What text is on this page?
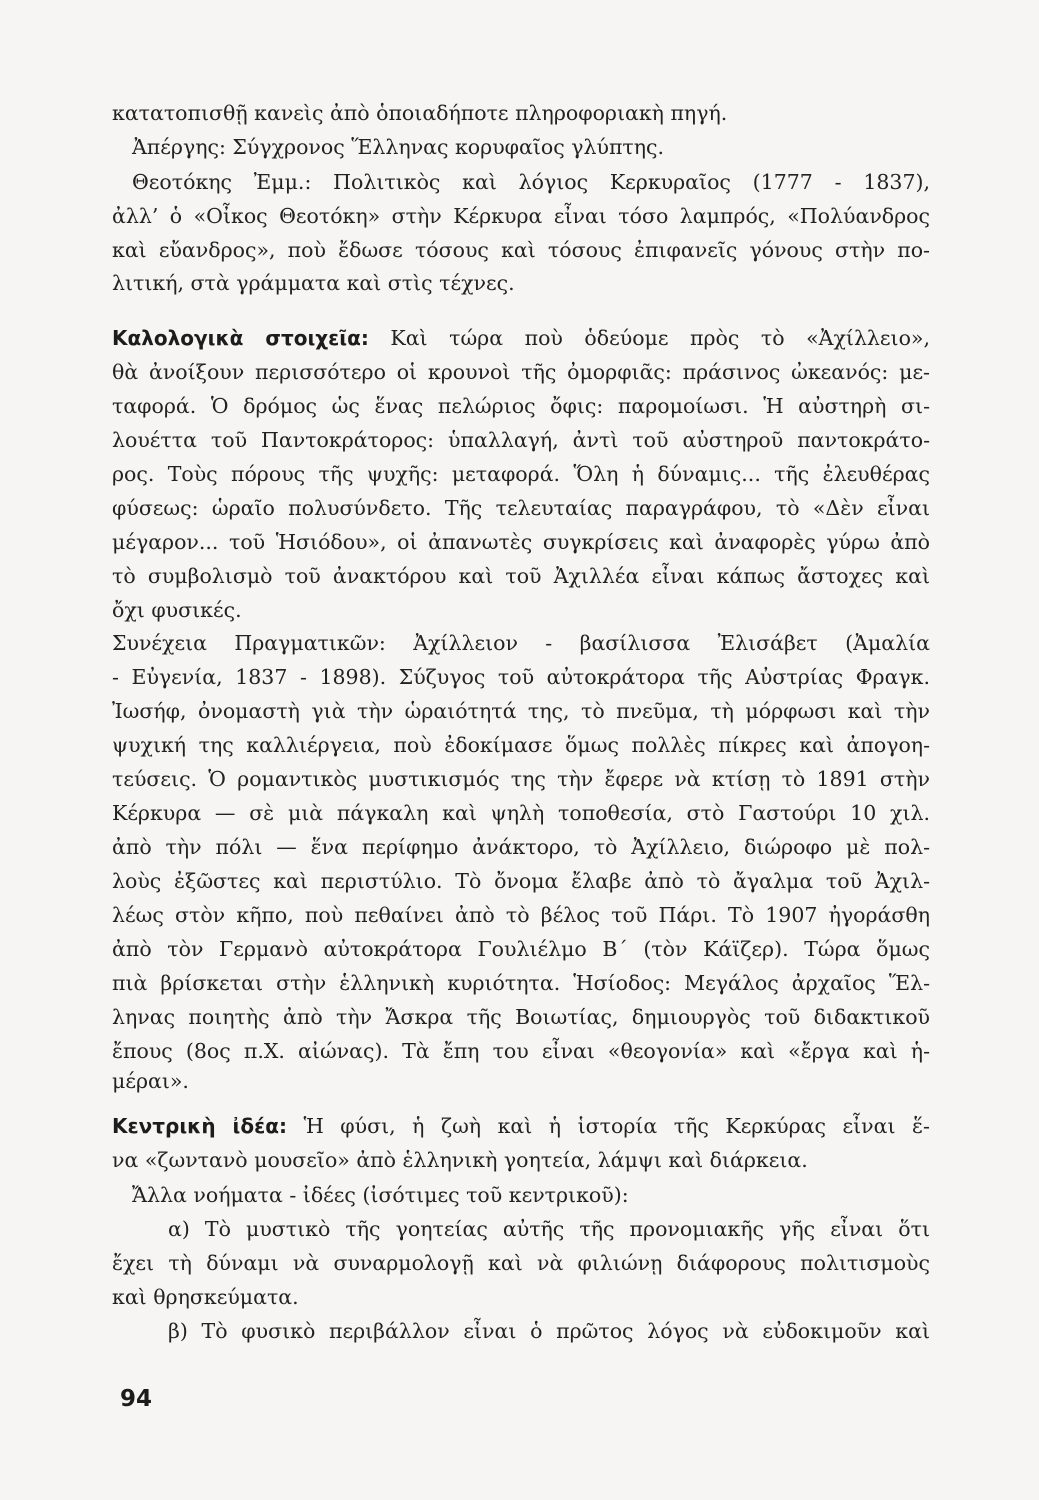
κατατοπισθῇ κανεὶς ἀπὸ ὁποιαδήποτε πληροφοριακὴ πηγή.
Ἀπέργης: Σύγχρονος Ἕλληνας κορυφαῖος γλύπτης.
Θεοτόκης Ἐμμ.: Πολιτικὸς καὶ λόγιος Κερκυραῖος (1777 - 1837),
ἀλλ’ ὁ «Οἶκος Θεοτόκη» στὴν Κέρκυρα εἶναι τόσο λαμπρός, «Πολύανδρος
καὶ εὔανδρος», ποὺ ἔδωσε τόσους καὶ τόσους ἐπιφανεῖς γόνους στὴν πο-
λιτική, στὰ γράμματα καὶ στὶς τέχνες.
Καλολογικὰ στοιχεῖα: Καὶ τώρα ποὺ ὁδεύομε πρὸς τὸ «Ἀχίλλειο»,
θὰ ἀνοίξουν περισσότερο οἱ κρουνοὶ τῆς ὀμορφιᾶς: πράσινος ὠκεανός: με-
ταφορά. Ὁ δρόμος ὡς ἕνας πελώριος ὄφις: παρομοίωσι. Ἡ αὐστηρὴ σι-
λουέττα τοῦ Παντοκράτορος: ὑπαλλαγή, ἀντὶ τοῦ αὐστηροῦ παντοκράτο-
ρος. Τοὺς πόρους τῆς ψυχῆς: μεταφορά. Ὅλη ἡ δύναμις... τῆς ἐλευθέρας
φύσεως: ὡραῖο πολυσύνδετο. Τῆς τελευταίας παραγράφου, τὸ «Δὲν εἶναι
μέγαρον... τοῦ Ἡσιόδου», οἱ ἀπανωτὲς συγκρίσεις καὶ ἀναφορὲς γύρω ἀπὸ
τὸ συμβολισμὸ τοῦ ἀνακτόρου καὶ τοῦ Ἀχιλλέα εἶναι κάπως ἄστοχες καὶ
ὄχι φυσικές.
Συνέχεια Πραγματικῶν: Ἀχίλλειον - βασίλισσα Ἐλισάβετ (Ἀμαλία
- Εὐγενία, 1837 - 1898). Σύζυγος τοῦ αὐτοκράτορα τῆς Αὐστρίας Φραγκ.
Ἰωσήφ, ὀνομαστὴ γιὰ τὴν ὡραιότητά της, τὸ πνεῦμα, τὴ μόρφωσι καὶ τὴν
ψυχική της καλλιέργεια, ποὺ ἐδοκίμασε ὅμως πολλὲς πίκρες καὶ ἀπογοη-
τεύσεις. Ὁ ρομαντικὸς μυστικισμός της τὴν ἔφερε νὰ κτίσῃ τὸ 1891 στὴν
Κέρκυρα — σὲ μιὰ πάγκαλη καὶ ψηλὴ τοποθεσία, στὸ Γαστούρι 10 χιλ.
ἀπὸ τὴν πόλι — ἕνα περίφημο ἀνάκτορο, τὸ Ἀχίλλειο, διώροφο μὲ πολ-
λοὺς ἐξῶστες καὶ περιστύλιο. Τὸ ὄνομα ἔλαβε ἀπὸ τὸ ἄγαλμα τοῦ Ἀχιλ-
λέως στὸν κῆπο, ποὺ πεθαίνει ἀπὸ τὸ βέλος τοῦ Πάρι. Τὸ 1907 ἠγοράσθη
ἀπὸ τὸν Γερμανὸ αὐτοκράτορα Γουλιέλμο Β΄ (τὸν Κάϊζερ). Τώρα ὅμως
πιὰ βρίσκεται στὴν ἑλληνικὴ κυριότητα. Ἡσίοδος: Μεγάλος ἀρχαῖος Ἕλ-
ληνας ποιητὴς ἀπὸ τὴν Ἄσκρα τῆς Βοιωτίας, δημιουργὸς τοῦ διδακτικοῦ
ἔπους (8ος π.Χ. αἰώνας). Τὰ ἔπη του εἶναι «θεογονία» καὶ «ἔργα καὶ ἡ-
μέραι».
Κεντρικὴ ἰδέα: Ἡ φύσι, ἡ ζωὴ καὶ ἡ ἱστορία τῆς Κερκύρας εἶναι ἕ-
να «ζωντανὸ μουσεῖο» ἀπὸ ἑλληνικὴ γοητεία, λάμψι καὶ διάρκεια.
Ἄλλα νοήματα - ἰδέες (ἰσότιμες τοῦ κεντρικοῦ):
α) Τὸ μυστικὸ τῆς γοητείας αὐτῆς τῆς προνομιακῆς γῆς εἶναι ὅτι
ἔχει τὴ δύναμι νὰ συναρμολογῇ καὶ νὰ φιλιώνῃ διάφορους πολιτισμοὺς
καὶ θρησκεύματα.
β) Τὸ φυσικὸ περιβάλλον εἶναι ὁ πρῶτος λόγος νὰ εὐδοκιμοῦν καὶ
94
